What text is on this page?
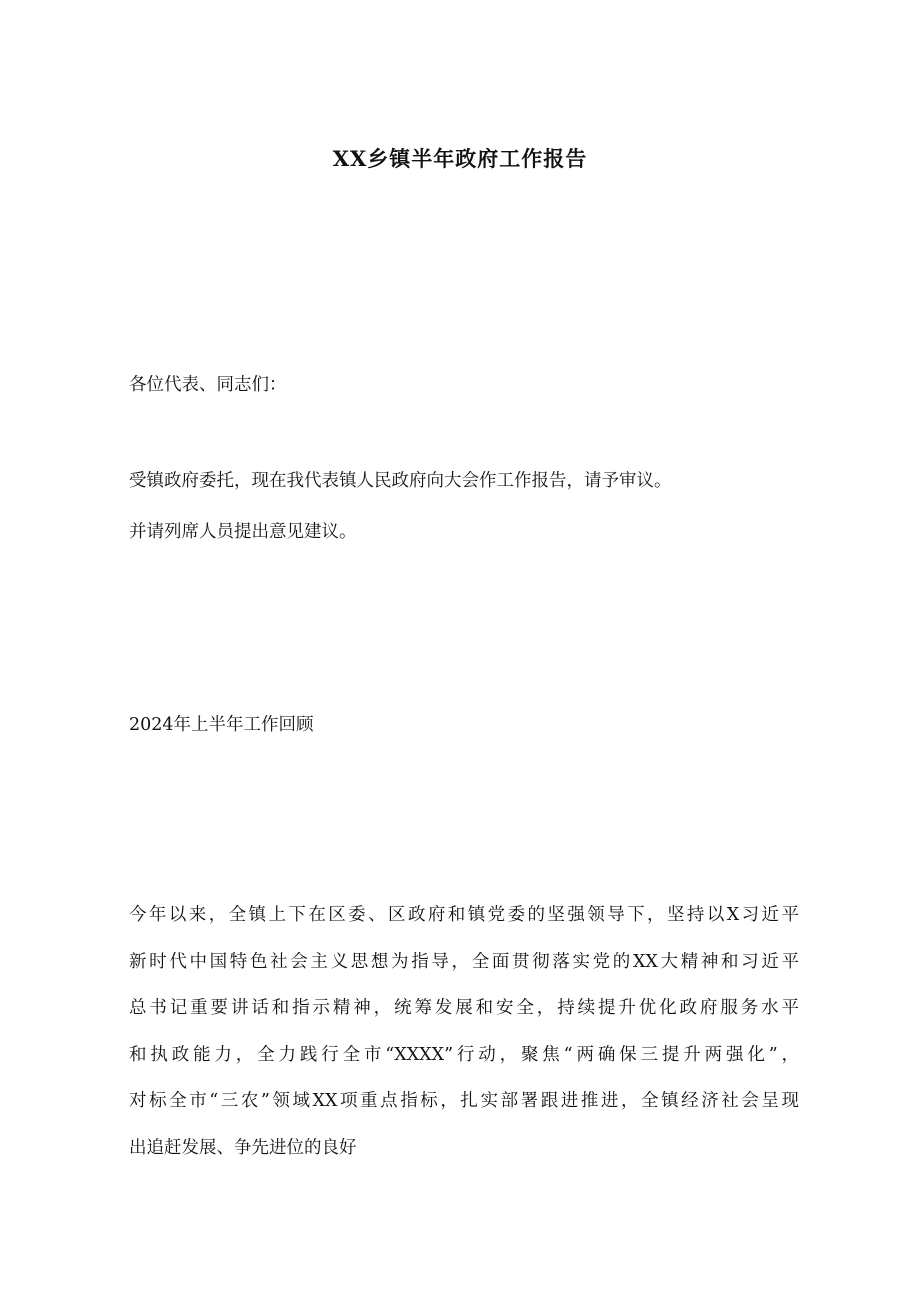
XX乡镇半年政府工作报告

各位代表、同志们：

受镇政府委托，现在我代表镇人民政府向大会作工作报告，请予审议。

并请列席人员提出意见建议。

2024年上半年工作回顾

今年以来，全镇上下在区委、区政府和镇党委的坚强领导下，坚持以X习近平
新时代中国特色社会主义思想为指导，全面贯彻落实党的XX大精神和习近平
总书记重要讲话和指示精神，统筹发展和安全，持续提升优化政府服务水平
和执政能力，全力践行全市“XXXX”行动，聚焦“两确保三提升两强化”，
对标全市“三农”领域XX项重点指标，扎实部署跟进推进，全镇经济社会呈现
出追赶发展、争先进位的良好
